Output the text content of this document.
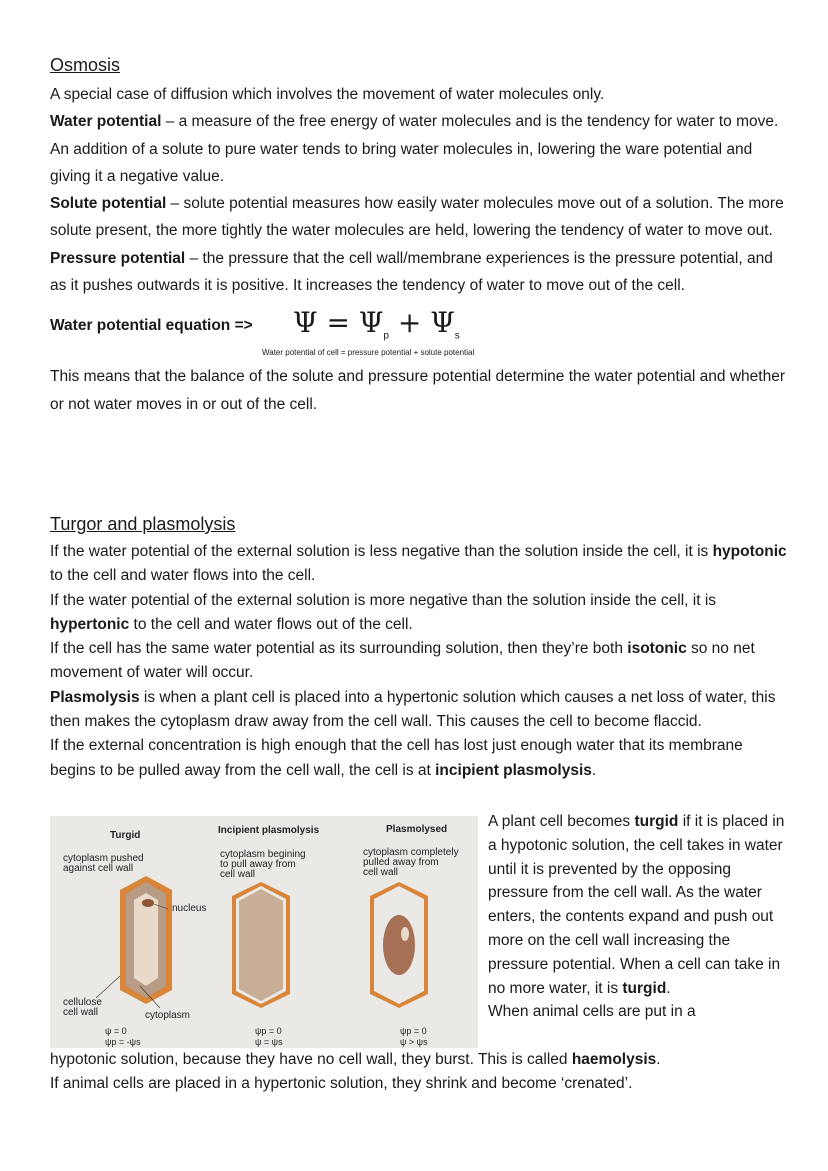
Osmosis

A special case of diffusion which involves the movement of water molecules only.

Water potential – a measure of the free energy of water molecules and is the tendency for water to move. An addition of a solute to pure water tends to bring water molecules in, lowering the ware potential and giving it a negative value.

Solute potential – solute potential measures how easily water molecules move out of a solution. The more solute present, the more tightly the water molecules are held, lowering the tendency of water to move out.

Pressure potential – the pressure that the cell wall/membrane experiences is the pressure potential, and as it pushes outwards it is positive. It increases the tendency of water to move out of the cell.

Water potential equation => $\Psi = \Psi_p + \Psi_s$
Water potential of cell = pressure potential + solute potential

This means that the balance of the solute and pressure potential determine the water potential and whether or not water moves in or out of the cell.

Turgor and plasmolysis

If the water potential of the external solution is less negative than the solution inside the cell, it is hypotonic to the cell and water flows into the cell.

If the water potential of the external solution is more negative than the solution inside the cell, it is hypertonic to the cell and water flows out of the cell.

If the cell has the same water potential as its surrounding solution, then they’re both isotonic so no net movement of water will occur.

Plasmolysis is when a plant cell is placed into a hypertonic solution which causes a net loss of water, this then makes the cytoplasm draw away from the cell wall. This causes the cell to become flaccid.

If the external concentration is high enough that the cell has lost just enough water that its membrane begins to be pulled away from the cell wall, the cell is at incipient plasmolysis.

Turgid	Incipient plasmolysis	Plasmolysed
cytoplasm pushed
against cell wall
cytoplasm begining
to pull away from
cell wall
cytoplasm completely
pulled away from
cell wall
nucleus
cellulose
cell wall	cytoplasm
ψ = 0
ψp = -ψs
ψp = 0
ψ = ψs
ψp = 0
ψ > ψs

A plant cell becomes turgid if it is placed in a hypotonic solution, the cell takes in water until it is prevented by the opposing pressure from the cell wall. As the water enters, the contents expand and push out more on the cell wall increasing the pressure potential. When a cell can take in no more water, it is turgid.

When animal cells are put in a

hypotonic solution, because they have no cell wall, they burst. This is called haemolysis.

If animal cells are placed in a hypertonic solution, they shrink and become ‘crenated’.
